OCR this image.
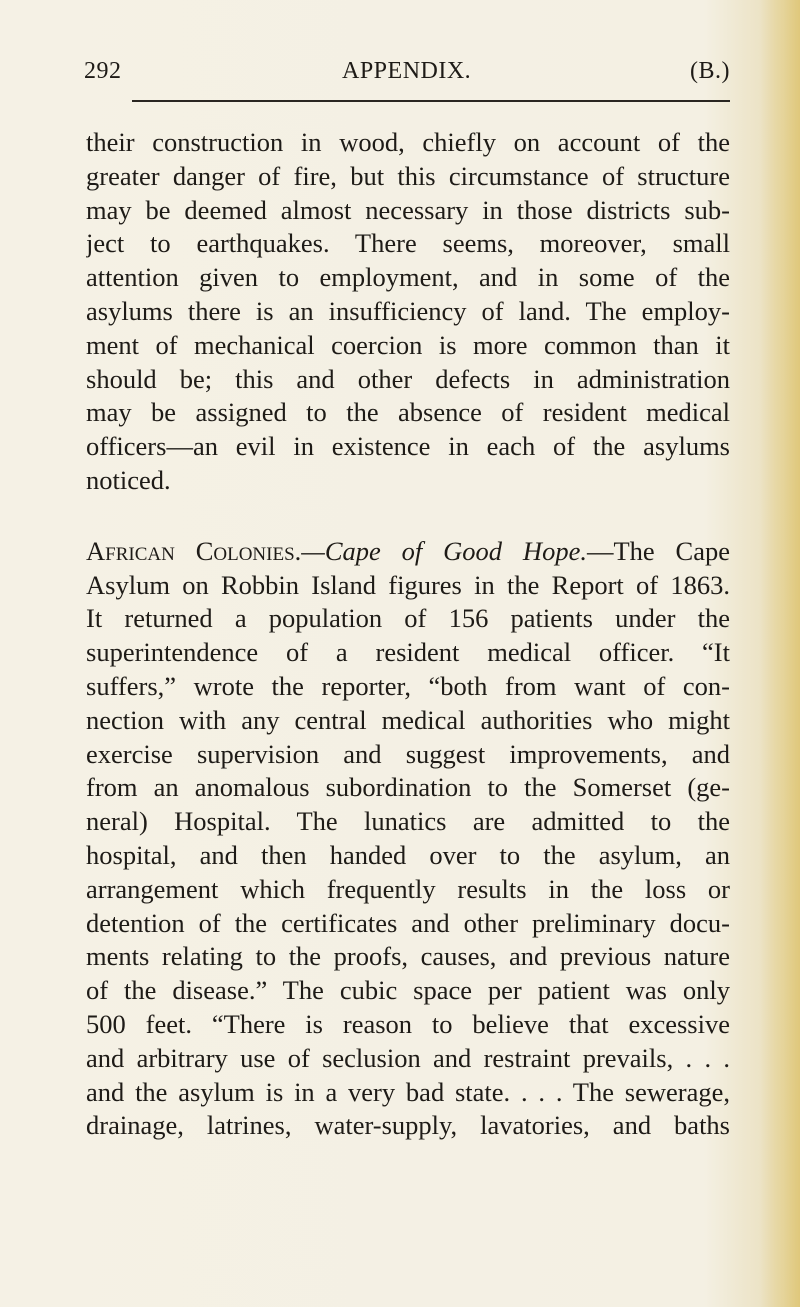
292	APPENDIX.	(B.)
their construction in wood, chiefly on account of the
greater danger of fire, but this circumstance of structure
may be deemed almost necessary in those districts sub-
ject to earthquakes. There seems, moreover, small
attention given to employment, and in some of the
asylums there is an insufficiency of land. The employ-
ment of mechanical coercion is more common than it
should be; this and other defects in administration
may be assigned to the absence of resident medical
officers—an evil in existence in each of the asylums
noticed.
African Colonies.—Cape of Good Hope.—The Cape
Asylum on Robbin Island figures in the Report of 1863.
It returned a population of 156 patients under the
superintendence of a resident medical officer. “It
suffers,” wrote the reporter, “both from want of con-
nection with any central medical authorities who might
exercise supervision and suggest improvements, and
from an anomalous subordination to the Somerset (ge-
neral) Hospital. The lunatics are admitted to the
hospital, and then handed over to the asylum, an
arrangement which frequently results in the loss or
detention of the certificates and other preliminary docu-
ments relating to the proofs, causes, and previous nature
of the disease.” The cubic space per patient was only
500 feet. “There is reason to believe that excessive
and arbitrary use of seclusion and restraint prevails, . . .
and the asylum is in a very bad state. . . . The sewerage,
drainage, latrines, water-supply, lavatories, and baths
